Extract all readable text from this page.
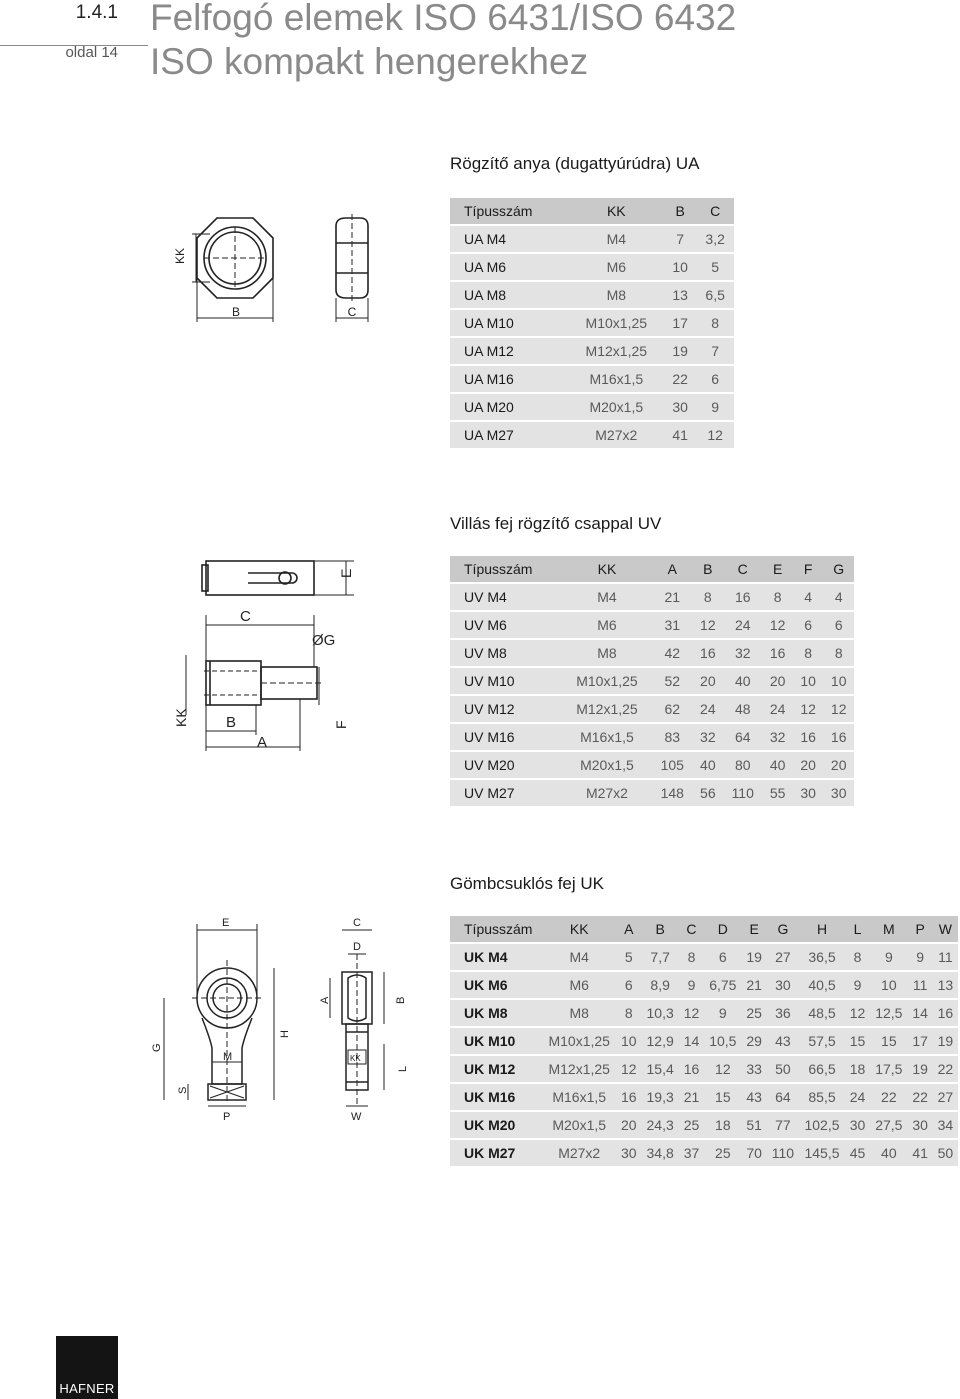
1.4.1
oldal 14
Felfogó elemek ISO 6431/ISO 6432
ISO kompakt hengerekhez
Rögzítő anya (dugattyúrúdra) UA
KK
B	C
Típusszám	KK	B	C
UA M4	M4	7	3,2
UA M6	M6	10	5
UA M8	M8	13	6,5
UA M10	M10x1,25	17	8
UA M12	M12x1,25	19	7
UA M16	M16x1,5	22	6
UA M20	M20x1,5	30	9
UA M27	M27x2	41	12
Villás fej rögzítő csappal UV
C
ØG
E
KK B
A
F
Típusszám	KK	A	B	C	E	F	G
UV M4	M4	21	8	16	8	4	4
UV M6	M6	31	12	24	12	6	6
UV M8	M8	42	16	32	16	8	8
UV M10	M10x1,25	52	20	40	20	10	10
UV M12	M12x1,25	62	24	48	24	12	12
UV M16	M16x1,5	83	32	64	32	16	16
UV M20	M20x1,5	105	40	80	40	20	20
UV M27	M27x2	148	56	110	55	30	30
Gömbcsuklós fej UK
E	C
D
A	B
G
H
M
S
P
KK
L
W
Típusszám	KK	A	B	C	D	E	G	H	L	M	P	W
UK M4	M4	5	7,7	8	6	19	27	36,5	8	9	9	11
UK M6	M6	6	8,9	9	6,75	21	30	40,5	9	10	11	13
UK M8	M8	8	10,3	12	9	25	36	48,5	12	12,5	14	16
UK M10	M10x1,25	10	12,9	14	10,5	29	43	57,5	15	15	17	19
UK M12	M12x1,25	12	15,4	16	12	33	50	66,5	18	17,5	19	22
UK M16	M16x1,5	16	19,3	21	15	43	64	85,5	24	22	22	27
UK M20	M20x1,5	20	24,3	25	18	51	77	102,5	30	27,5	30	34
UK M27	M27x2	30	34,8	37	25	70	110	145,5	45	40	41	50
HAFNER
